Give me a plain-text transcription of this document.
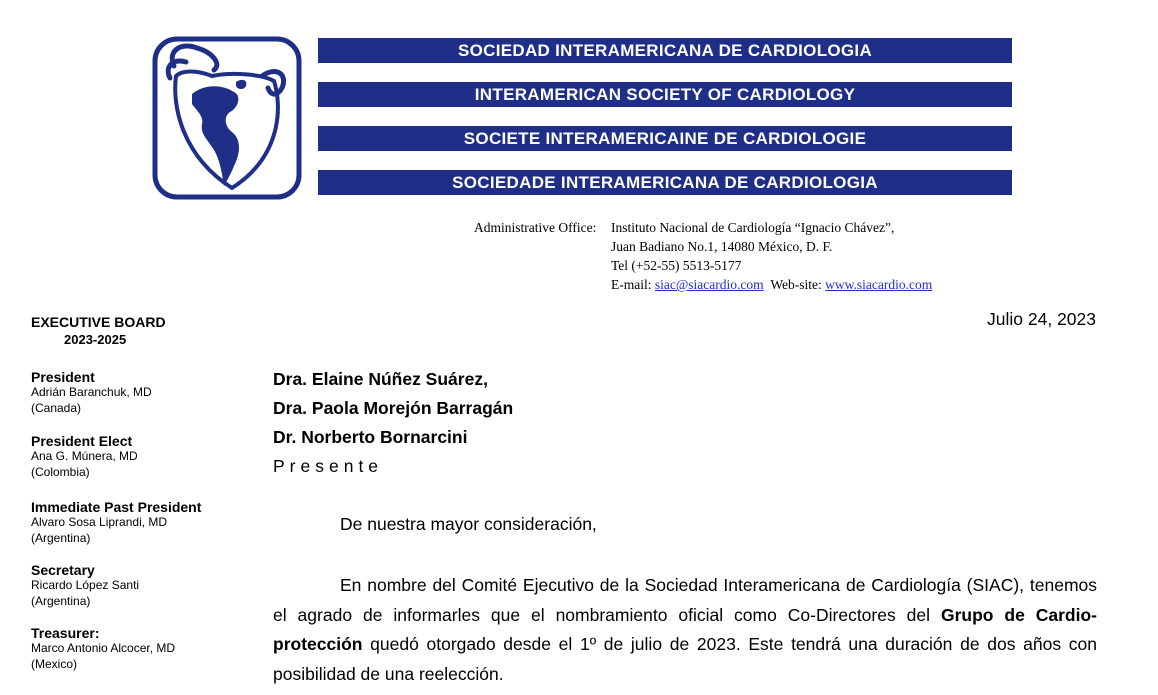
SOCIEDAD INTERAMERICANA DE CARDIOLOGIA
INTERAMERICAN SOCIETY OF CARDIOLOGY
SOCIETE INTERAMERICAINE DE CARDIOLOGIE
SOCIEDADE INTERAMERICANA DE CARDIOLOGIA
Administrative Office: Instituto Nacional de Cardiología “Ignacio Chávez”,
Juan Badiano No.1, 14080 México, D. F.
Tel (+52-55) 5513-5177
E-mail: siac@siacardio.com Web-site: www.siacardio.com
EXECUTIVE BOARD
2023-2025
President
Adrián Baranchuk, MD
(Canada)
President Elect
Ana G. Múnera, MD
(Colombia)
Immediate Past President
Alvaro Sosa Liprandi, MD
(Argentina)
Secretary
Ricardo López Santi
(Argentina)
Treasurer:
Marco Antonio Alcocer, MD
(Mexico)
Julio 24, 2023
Dra. Elaine Núñez Suárez,
Dra. Paola Morejón Barragán
Dr. Norberto Bornarcini
Presente
De nuestra mayor consideración,
En nombre del Comité Ejecutivo de la Sociedad Interamericana de Cardiología (SIAC), tenemos el agrado de informarles que el nombramiento oficial como Co-Directores del Grupo de Cardio-protección quedó otorgado desde el 1º de julio de 2023. Este tendrá una duración de dos años con posibilidad de una reelección.
